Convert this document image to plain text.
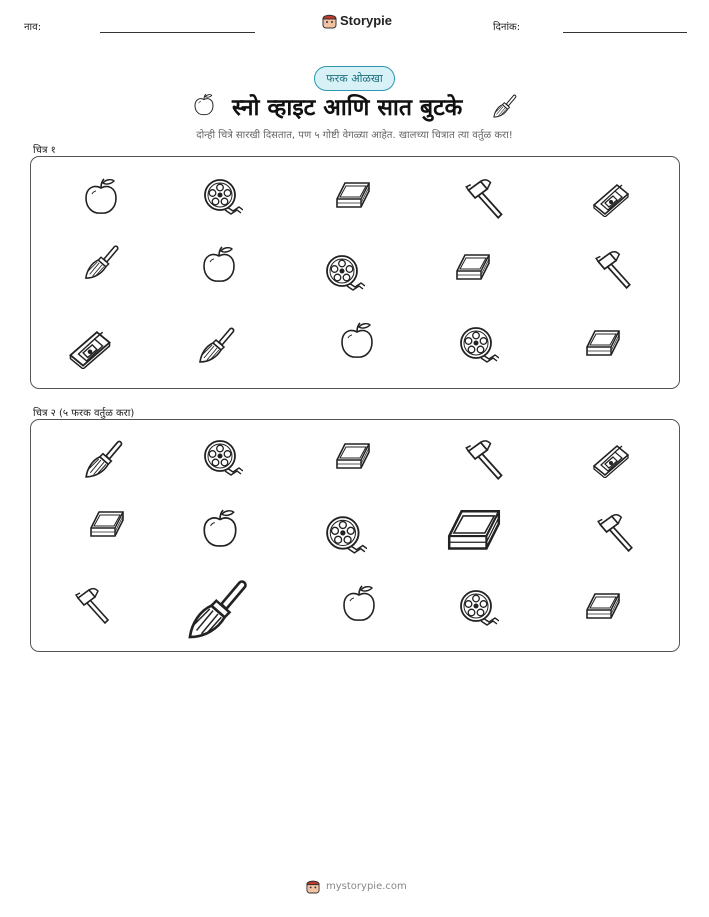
नाव:	Storypie	दिनांक:
फरक ओळखा
स्नो व्हाइट आणि सात बुटके
दोन्ही चित्रे सारखी दिसतात, पण ५ गोष्टी वेगळ्या आहेत. खालच्या चित्रात त्या वर्तुळ करा!
चित्र १
चित्र २ (५ फरक वर्तुळ करा)
mystorypie.com
